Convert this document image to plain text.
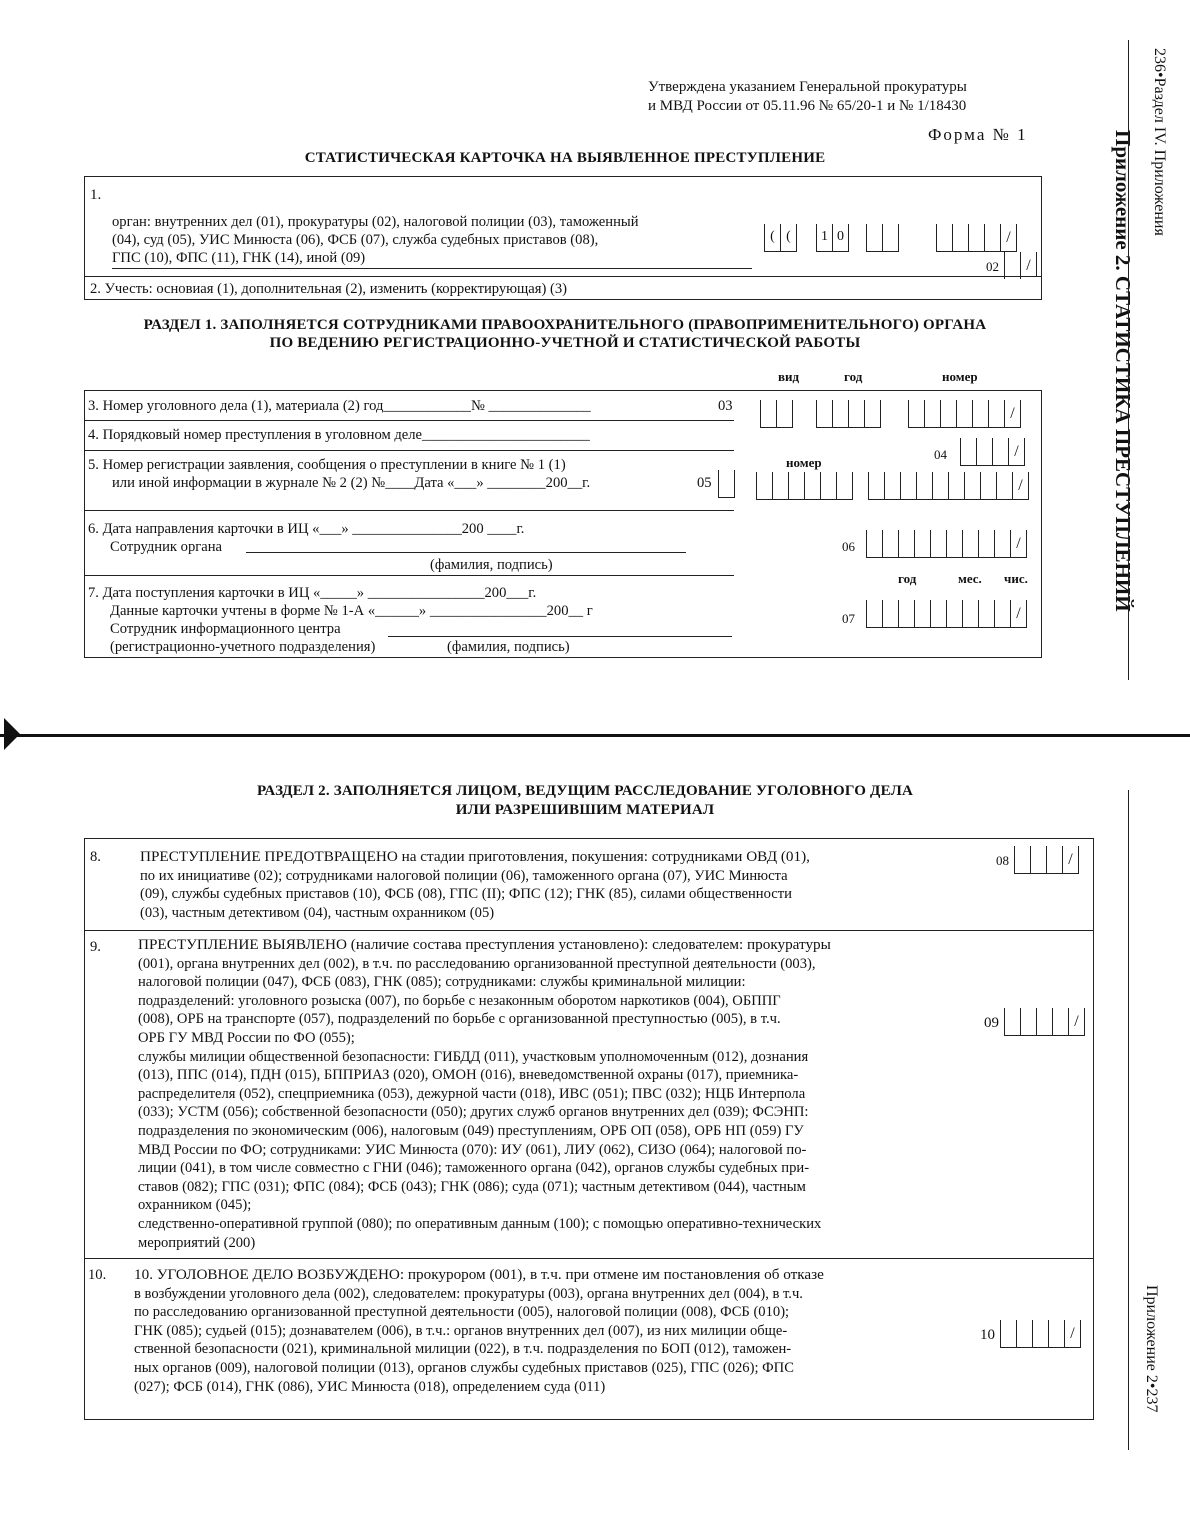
236•Раздел IV. Приложения
Приложение 2. СТАТИСТИКА ПРЕСТУПЛЕНИЙ
Приложение 2•237
Утверждена указанием Генеральной прокуратуры
и МВД России от 05.11.96 № 65/20-1 и № 1/18430
Форма № 1
СТАТИСТИЧЕСКАЯ КАРТОЧКА НА ВЫЯВЛЕННОЕ ПРЕСТУПЛЕНИЕ
1.
орган: внутренних дел (01), прокуратуры (02), налоговой полиции (03), таможенный
(04), суд (05), УИС Минюста (06), ФСБ (07), служба судебных приставов (08),
ГПС (10), ФПС (11), ГНК (14), иной (09)
( (	1 0	/
02	/
2. Учесть: основиая (1), дополнительная (2), изменить (корректирующая) (3)
РАЗДЕЛ 1. ЗАПОЛНЯЕТСЯ СОТРУДНИКАМИ ПРАВООХРАНИТЕЛЬНОГО (ПРАВОПРИМЕНИТЕЛЬНОГО) ОРГАНА
ПО ВЕДЕНИЮ РЕГИСТРАЦИОННО-УЧЕТНОЙ И СТАТИСТИЧЕСКОЙ РАБОТЫ
вид	год	номер
3. Номер уголовного дела (1), материала (2) год____________№ ______________	03	/
4. Порядковый номер преступления в уголовном деле_______________________
04	/
5. Номер регистрации заявления, сообщения о преступлении в книге № 1 (1)
или иной информации в журнале № 2 (2) №____Дата «___» ________200__г.	05
номер
/
6. Дата направления карточки в ИЦ «___» _______________200 ____г.
Сотрудник органа
(фамилия, подпись)
06	/
год	мес. чис.
7. Дата поступления карточки в ИЦ «_____» ________________200___г.
Данные карточки учтены в форме № 1-А «______» ________________200__ г
Сотрудник информационного центра
(регистрационно-учетного подразделения)	(фамилия, подпись)
07	/
РАЗДЕЛ 2. ЗАПОЛНЯЕТСЯ ЛИЦОМ, ВЕДУЩИМ РАССЛЕДОВАНИЕ УГОЛОВНОГО ДЕЛА
ИЛИ РАЗРЕШИВШИМ МАТЕРИАЛ
8.	ПРЕСТУПЛЕНИЕ ПРЕДОТВРАЩЕНО на стадии приготовления, покушения: сотрудниками ОВД (01),

по их инициативе (02); сотрудниками налоговой полиции (06), таможенного органа (07), УИС Минюста

(09), службы судебных приставов (10), ФСБ (08), ГПС (II); ФПС (12); ГНК (85), силами общественности

(03), частным детективом (04), частным охранником (05)

08	/
9. ПРЕСТУПЛЕНИЕ ВЫЯВЛЕНО (наличие состава преступления установлено): следователем: прокуратуры

(001), органа внутренних дел (002), в т.ч. по расследованию организованной преступной деятельности (003),

налоговой полиции (047), ФСБ (083), ГНК (085); сотрудниками: службы криминальной милиции:

подразделений: уголовного розыска (007), по борьбе с незаконным оборотом наркотиков (004), ОБППГ

(008), ОРБ на транспорте (057), подразделений по борьбе с организованной преступностью (005), в т.ч.

ОРБ ГУ МВД России по ФО (055);

службы милиции общественной безопасности: ГИБДД (011), участковым уполномоченным (012), дознания

(013), ППС (014), ПДН (015), БППРИАЗ (020), ОМОН (016), вневедомственной охраны (017), приемника-

распределителя (052), спецприемника (053), дежурной части (018), ИВС (051); ПВС (032); НЦБ Интерпола

(033); УСТМ (056); собственной безопасности (050); других служб органов внутренних дел (039); ФСЭНП:

подразделения по экономическим (006), налоговым (049) преступлениям, ОРБ ОП (058), ОРБ НП (059) ГУ

МВД России по ФО; сотрудниками: УИС Минюста (070): ИУ (061), ЛИУ (062), СИЗО (064); налоговой по-

лиции (041), в том числе совместно с ГНИ (046); таможенного органа (042), органов службы судебных при-

ставов (082); ГПС (031); ФПС (084); ФСБ (043); ГНК (086); суда (071); частным детективом (044), частным

охранником (045);

следственно-оперативной группой (080); по оперативным данным (100); с помощью оперативно-технических

мероприятий (200)

09	/
10. 10. УГОЛОВНОЕ ДЕЛО ВОЗБУЖДЕНО: прокурором (001), в т.ч. при отмене им постановления об отказе

в возбуждении уголовного дела (002), следователем: прокуратуры (003), органа внутренних дел (004), в т.ч.

по расследованию организованной преступной деятельности (005), налоговой полиции (008), ФСБ (010);

ГНК (085); судьей (015); дознавателем (006), в т.ч.: органов внутренних дел (007), из них милиции обще-

ственной безопасности (021), криминальной милиции (022), в т.ч. подразделения по БОП (012), таможен-

ных органов (009), налоговой полиции (013), органов службы судебных приставов (025), ГПС (026); ФПС

(027); ФСБ (014), ГНК (086), УИС Минюста (018), определением суда (011)

10	/
